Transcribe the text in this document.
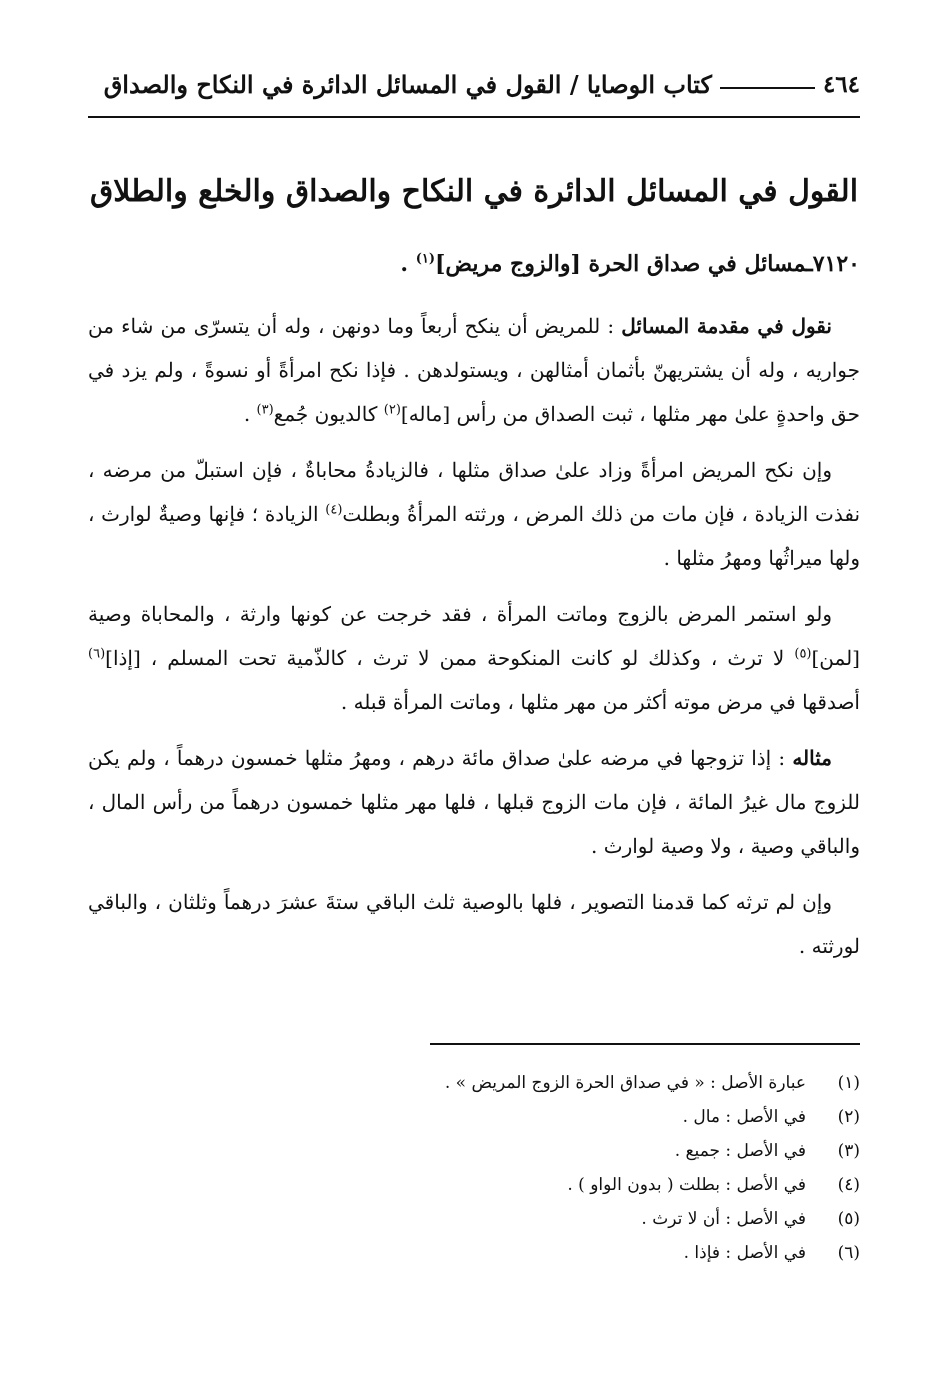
٤٦٤
كتاب الوصايا / القول في المسائل الدائرة في النكاح والصداق
القول في المسائل الدائرة في النكاح والصداق والخلع والطلاق
٧١٢٠ـمسائل في صداق الحرة [والزوج مريض]$^{(١)}$ .

نقول في مقدمة المسائل : للمريض أن ينكح أربعاً وما دونهن ، وله أن يتسرّى من شاء من جواريه ، وله أن يشتريهنّ بأثمان أمثالهن ، ويستولدهن . فإذا نكح امرأةً أو نسوةً ، ولم يزد في حق واحدةٍ علىٰ مهر مثلها ، ثبت الصداق من رأس [ماله]$^{(٢)}$ كالديون جُمع$^{(٣)}$ .

وإن نكح المريض امرأةً وزاد علىٰ صداق مثلها ، فالزيادةُ محاباةٌ ، فإن استبلّ من مرضه ، نفذت الزيادة ، فإن مات من ذلك المرض ، ورثته المرأةُ وبطلت$^{(٤)}$ الزيادة ؛ فإنها وصيةٌ لوارث ، ولها ميراثُها ومهرُ مثلها .

ولو استمر المرض بالزوج وماتت المرأة ، فقد خرجت عن كونها وارثة ، والمحاباة وصية [لمن]$^{(٥)}$ لا ترث ، وكذلك لو كانت المنكوحة ممن لا ترث ، كالذّمية تحت المسلم ، [إذا]$^{(٦)}$ أصدقها في مرض موته أكثر من مهر مثلها ، وماتت المرأة قبله .

مثاله : إذا تزوجها في مرضه علىٰ صداق مائة درهم ، ومهرُ مثلها خمسون درهماً ، ولم يكن للزوج مال غيرُ المائة ، فإن مات الزوج قبلها ، فلها مهر مثلها خمسون درهماً من رأس المال ، والباقي وصية ، ولا وصية لوارث .

وإن لم ترثه كما قدمنا التصوير ، فلها بالوصية ثلث الباقي ستةَ عشرَ درهماً وثلثان ، والباقي لورثته .

(١)
عبارة الأصل : « في صداق الحرة الزوج المريض » .
(٢)
في الأصل : مال .
(٣)
في الأصل : جميع .
(٤)
في الأصل : بطلت ( بدون الواو ) .
(٥)
في الأصل : أن لا ترث .
(٦)
في الأصل : فإذا .
